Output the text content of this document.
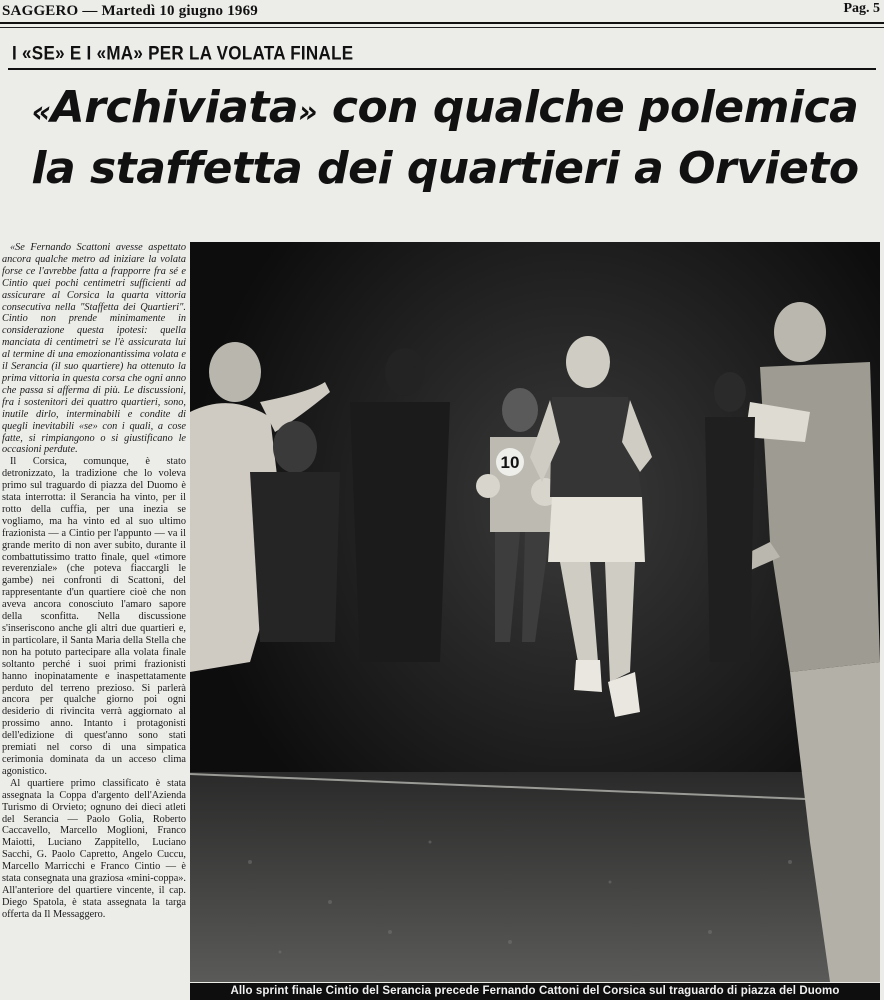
SAGGERO — Martedì 10 giugno 1969	Pag. 5
I «SE» E I «MA» PER LA VOLATA FINALE
«Archiviata» con qualche polemica
la staffetta dei quartieri a Orvieto

«Se Fernando Scattoni avesse aspettato ancora qualche metro ad iniziare la volata forse ce l'avrebbe fatta a frapporre fra sé e Cintio quei pochi centimetri sufficienti ad assicurare al Corsica la quarta vittoria consecutiva nella "Staffetta dei Quartieri". Cintio non prende minimamente in considerazione questa ipotesi: quella manciata di centimetri se l'è assicurata lui al termine di una emozionantissima volata e il Serancia (il suo quartiere) ha ottenuto la prima vittoria in questa corsa che ogni anno che passa si afferma di più. Le discussioni, fra i sostenitori dei quattro quartieri, sono, inutile dirlo, interminabili e condite di quegli inevitabili «se» con i quali, a cose fatte, si rimpiangono o si giustificano le occasioni perdute.

Il Corsica, comunque, è stato detronizzato, la tradizione che lo voleva primo sul traguardo di piazza del Duomo è stata interrotta: il Serancia ha vinto, per il rotto della cuffia, per una inezia se vogliamo, ma ha vinto ed al suo ultimo frazionista — a Cintio per l'appunto — va il grande merito di non aver subito, durante il combattutissimo tratto finale, quel «timore reverenziale» (che poteva fiaccargli le gambe) nei confronti di Scattoni, del rappresentante d'un quartiere cioè che non aveva ancora conosciuto l'amaro sapore della sconfitta. Nella discussione s'inseriscono anche gli altri due quartieri e, in particolare, il Santa Maria della Stella che non ha potuto partecipare alla volata finale soltanto perché i suoi primi frazionisti hanno inopinatamente e inaspettatamente perduto del terreno prezioso. Si parlerà ancora per qualche giorno poi ogni desiderio di rivincita verrà aggiornato al prossimo anno. Intanto i protagonisti dell'edizione di quest'anno sono stati premiati nel corso di una simpatica cerimonia dominata da un acceso clima agonistico.

Al quartiere primo classificato è stata assegnata la Coppa d'argento dell'Azienda Turismo di Orvieto; ognuno dei dieci atleti del Serancia — Paolo Golia, Roberto Caccavello, Marcello Moglioni, Franco Maiotti, Luciano Zappitello, Luciano Sacchi, G. Paolo Capretto, Angelo Cuccu, Marcello Marricchi e Franco Cintio — è stata consegnata una graziosa «mini-coppa». All'anteriore del quartiere vincente, il cap. Diego Spatola, è stata assegnata la targa offerta da Il Messaggero.

10
Allo sprint finale Cintio del Serancia precede Fernando Cattoni del Corsica sul traguardo di piazza del Duomo
